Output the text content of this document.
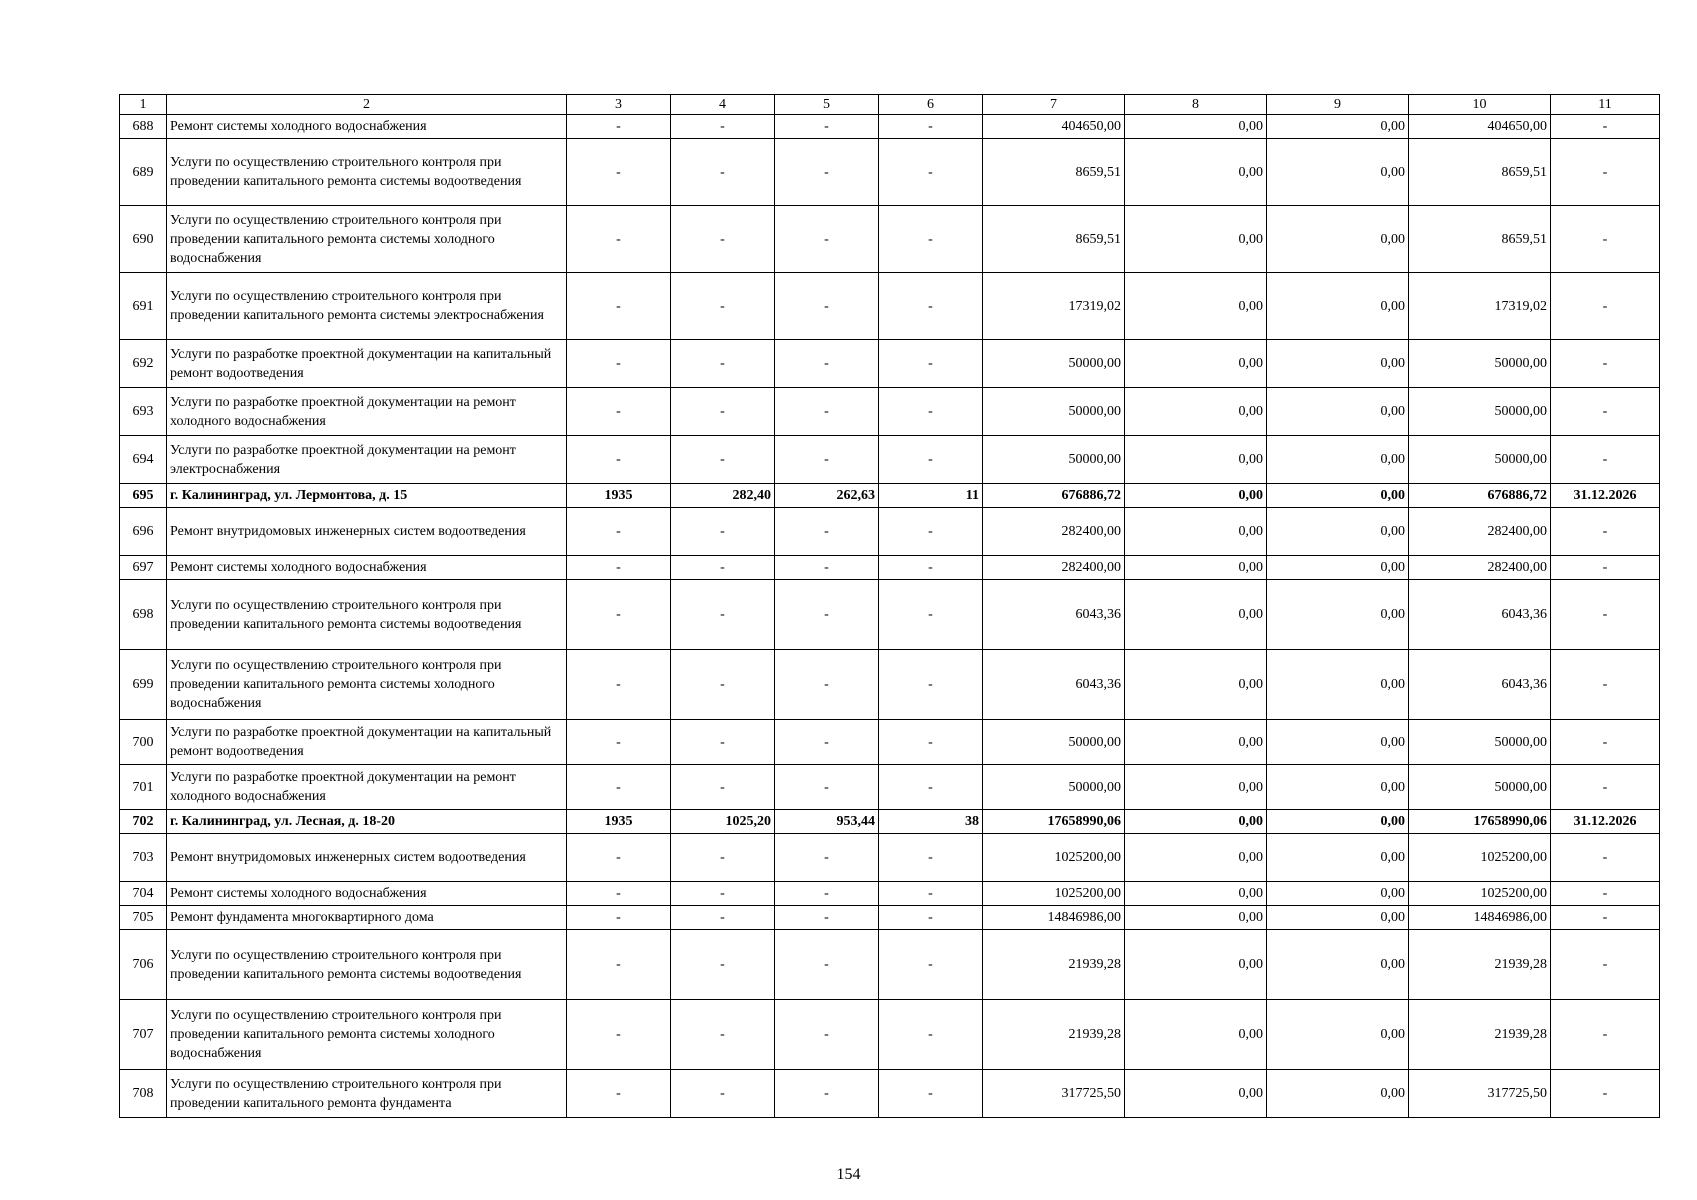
1	2	3	4	5	6	7	8	9	10	11
688	Ремонт системы холодного водоснабжения	-	-	-	-	404650,00	0,00	0,00	404650,00	-
689	Услуги по осуществлению строительного контроля при проведении капитального ремонта системы водоотведения	-	-	-	-	8659,51	0,00	0,00	8659,51	-
690	Услуги по осуществлению строительного контроля при проведении капитального ремонта системы холодного водоснабжения	-	-	-	-	8659,51	0,00	0,00	8659,51	-
691	Услуги по осуществлению строительного контроля при проведении капитального ремонта системы электроснабжения	-	-	-	-	17319,02	0,00	0,00	17319,02	-
692	Услуги по разработке проектной документации на капитальный ремонт водоотведения	-	-	-	-	50000,00	0,00	0,00	50000,00	-
693	Услуги по разработке проектной документации на ремонт холодного водоснабжения	-	-	-	-	50000,00	0,00	0,00	50000,00	-
694	Услуги по разработке проектной документации на ремонт электроснабжения	-	-	-	-	50000,00	0,00	0,00	50000,00	-
695	г. Калининград, ул. Лермонтова, д. 15	1935	282,40	262,63	11	676886,72	0,00	0,00	676886,72	31.12.2026
696	Ремонт внутридомовых инженерных систем водоотведения	-	-	-	-	282400,00	0,00	0,00	282400,00	-
697	Ремонт системы холодного водоснабжения	-	-	-	-	282400,00	0,00	0,00	282400,00	-
698	Услуги по осуществлению строительного контроля при проведении капитального ремонта системы водоотведения	-	-	-	-	6043,36	0,00	0,00	6043,36	-
699	Услуги по осуществлению строительного контроля при проведении капитального ремонта системы холодного водоснабжения	-	-	-	-	6043,36	0,00	0,00	6043,36	-
700	Услуги по разработке проектной документации на капитальный ремонт водоотведения	-	-	-	-	50000,00	0,00	0,00	50000,00	-
701	Услуги по разработке проектной документации на ремонт холодного водоснабжения	-	-	-	-	50000,00	0,00	0,00	50000,00	-
702	г. Калининград, ул. Лесная, д. 18-20	1935	1025,20	953,44	38	17658990,06	0,00	0,00	17658990,06	31.12.2026
703	Ремонт внутридомовых инженерных систем водоотведения	-	-	-	-	1025200,00	0,00	0,00	1025200,00	-
704	Ремонт системы холодного водоснабжения	-	-	-	-	1025200,00	0,00	0,00	1025200,00	-
705	Ремонт фундамента многоквартирного дома	-	-	-	-	14846986,00	0,00	0,00	14846986,00	-
706	Услуги по осуществлению строительного контроля при проведении капитального ремонта системы водоотведения	-	-	-	-	21939,28	0,00	0,00	21939,28	-
707	Услуги по осуществлению строительного контроля при проведении капитального ремонта системы холодного водоснабжения	-	-	-	-	21939,28	0,00	0,00	21939,28	-
708	Услуги по осуществлению строительного контроля при проведении капитального ремонта фундамента	-	-	-	-	317725,50	0,00	0,00	317725,50	-
154
